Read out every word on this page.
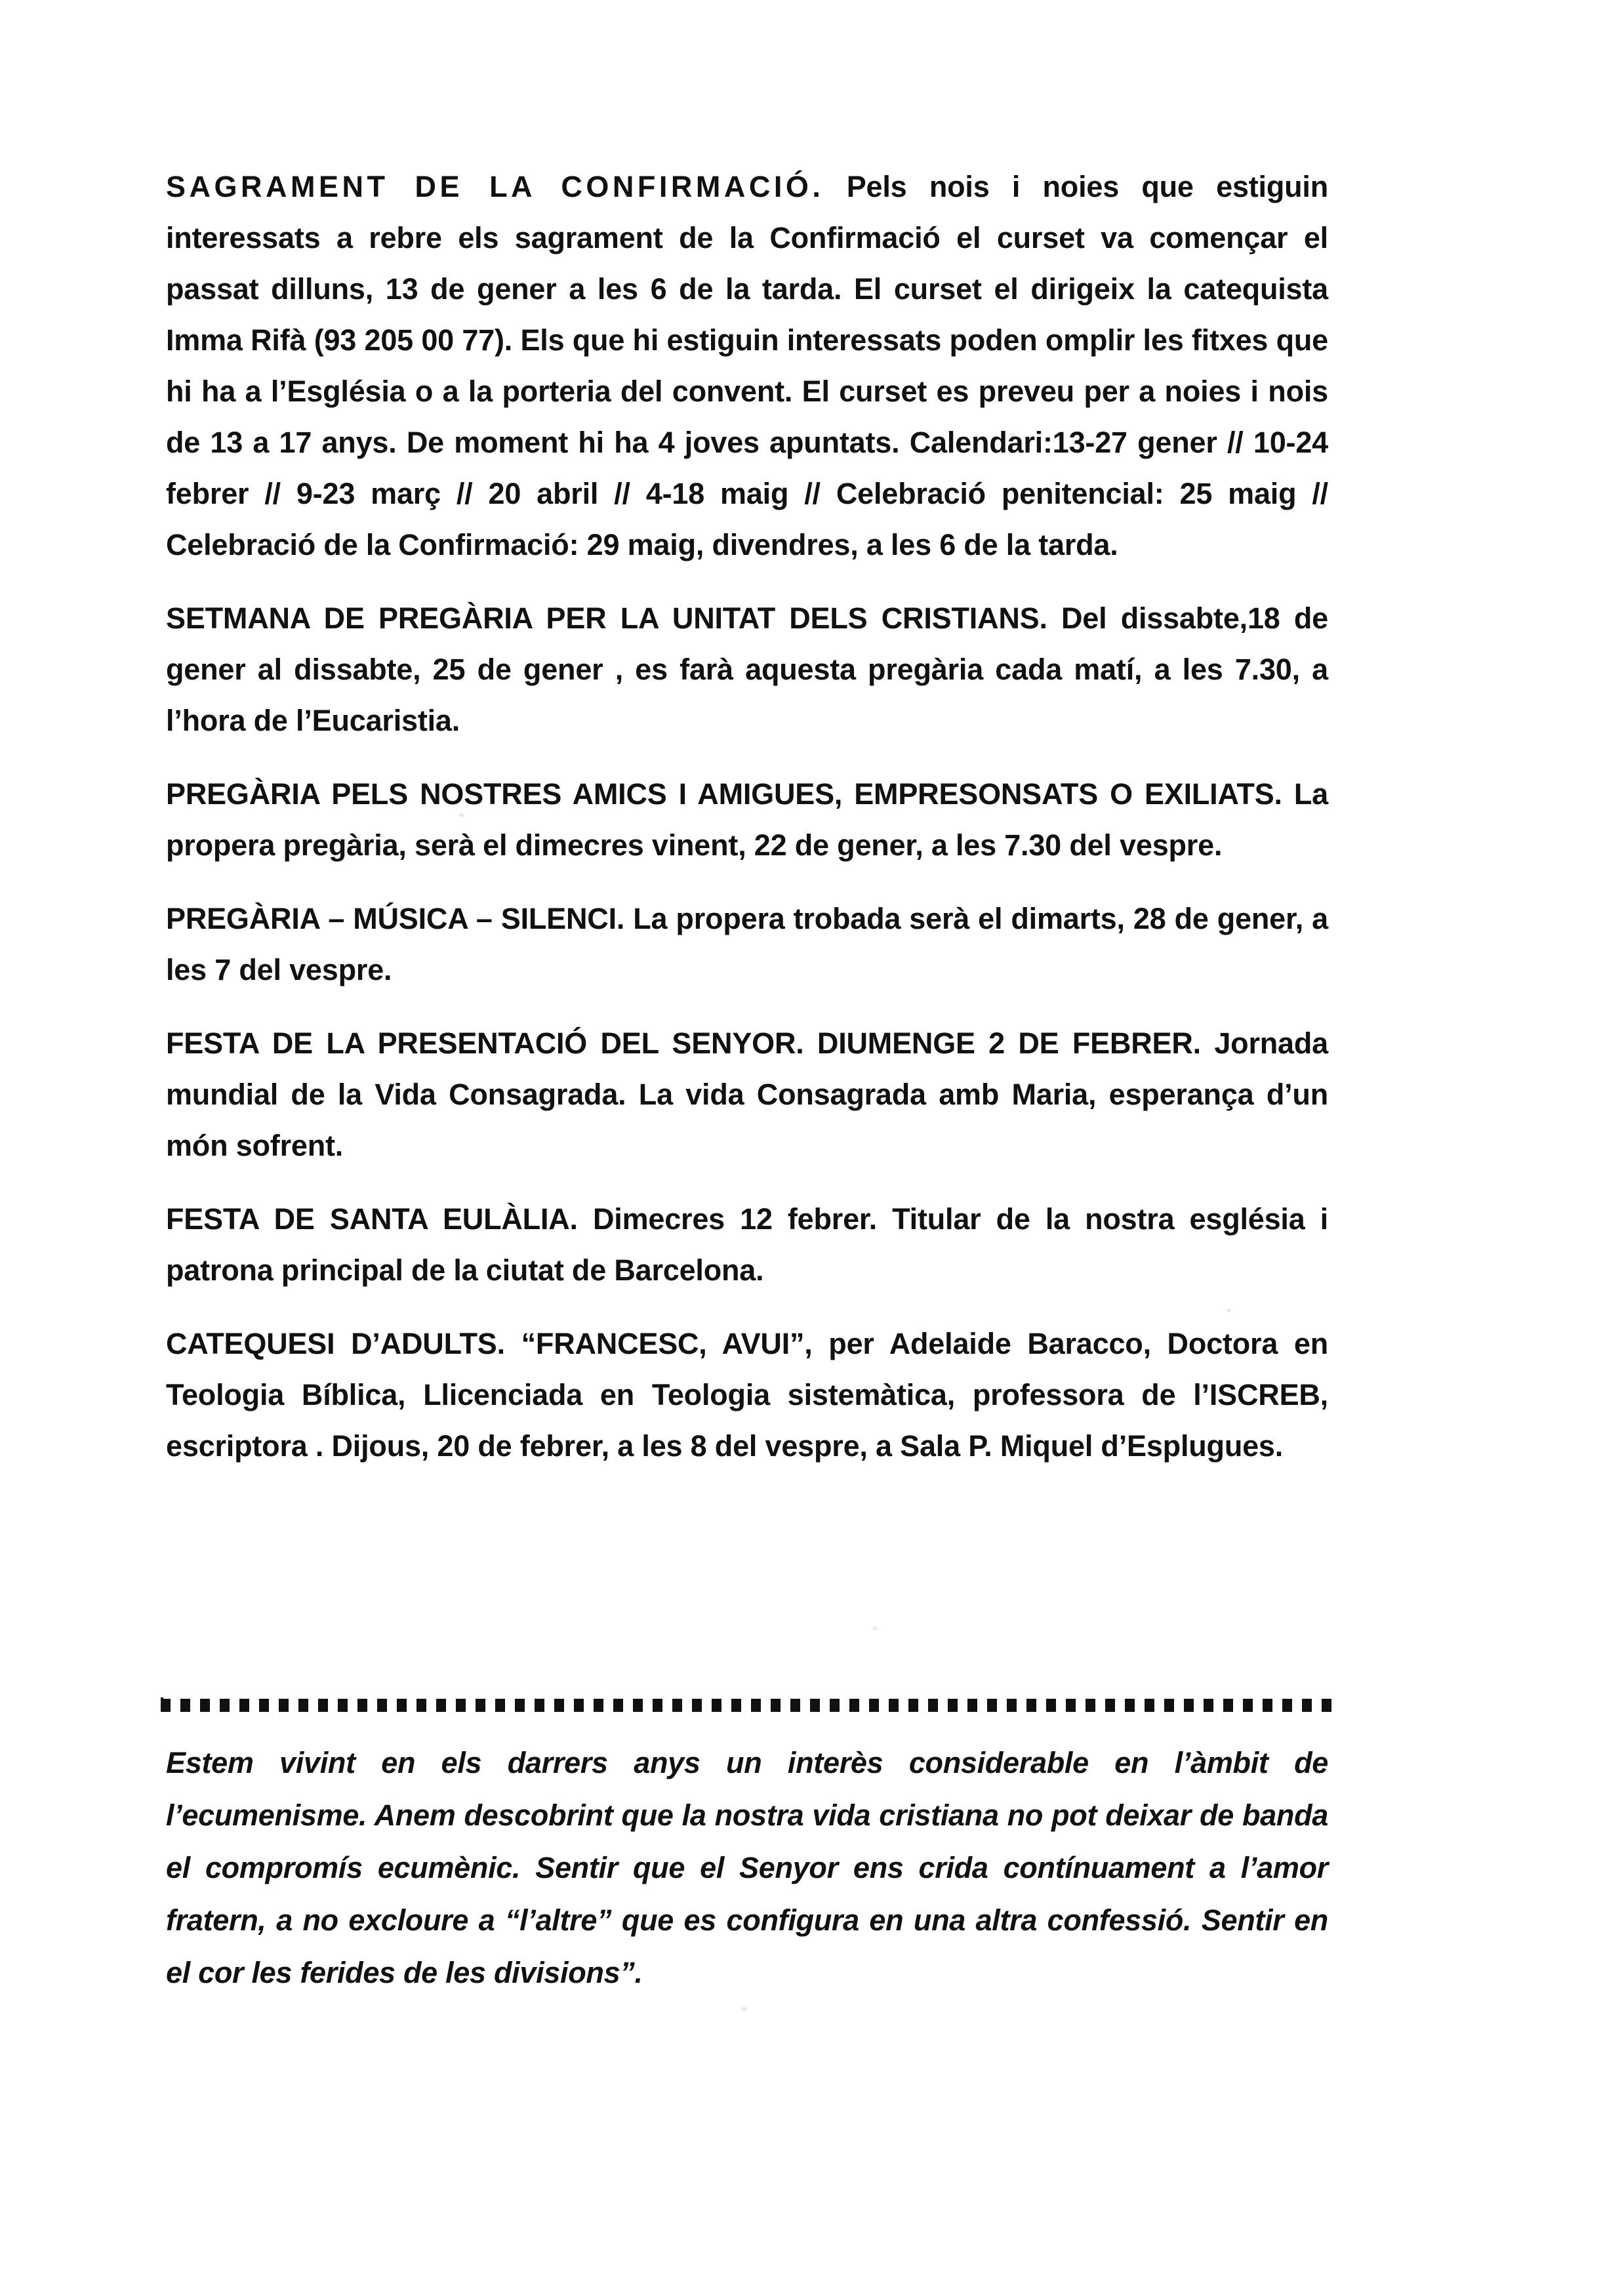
SAGRAMENT DE LA CONFIRMACIÓ. Pels nois i noies que estiguin interessats a rebre els sagrament de la Confirmació el curset va començar el passat dilluns, 13 de gener a les 6 de la tarda. El curset el dirigeix la catequista Imma Rifà (93 205 00 77). Els que hi estiguin interessats poden omplir les fitxes que hi ha a l’Església o a la porteria del convent. El curset es preveu per a noies i nois de 13 a 17 anys. De moment hi ha 4 joves apuntats. Calendari:13-27 gener // 10-24 febrer // 9-23 març // 20 abril // 4-18 maig // Celebració penitencial: 25 maig // Celebració de la Confirmació: 29 maig, divendres, a les 6 de la tarda.

SETMANA DE PREGÀRIA PER LA UNITAT DELS CRISTIANS. Del dissabte,18 de gener al dissabte, 25 de gener , es farà aquesta pregària cada matí, a les 7.30, a l’hora de l’Eucaristia.

PREGÀRIA PELS NOSTRES AMICS I AMIGUES, EMPRESONSATS O EXILIATS. La propera pregària, serà el dimecres vinent, 22 de gener, a les 7.30 del vespre.

PREGÀRIA – MÚSICA – SILENCI. La propera trobada serà el dimarts, 28 de gener, a les 7 del vespre.

FESTA DE LA PRESENTACIÓ DEL SENYOR. DIUMENGE 2 DE FEBRER. Jornada mundial de la Vida Consagrada. La vida Consagrada amb Maria, esperança d’un món sofrent.

FESTA DE SANTA EULÀLIA. Dimecres 12 febrer. Titular de la nostra església i patrona principal de la ciutat de Barcelona.

CATEQUESI D’ADULTS. “FRANCESC, AVUI”, per Adelaide Baracco, Doctora en Teologia Bíblica, Llicenciada en Teologia sistemàtica, professora de l’ISCREB, escriptora . Dijous, 20 de febrer, a les 8 del vespre, a Sala P. Miquel d’Esplugues.

Estem vivint en els darrers anys un interès considerable en l’àmbit de l’ecumenisme. Anem descobrint que la nostra vida cristiana no pot deixar de banda el compromís ecumènic. Sentir que el Senyor ens crida contínuament a l’amor fratern, a no excloure a “l’altre” que es configura en una altra confessió. Sentir en el cor les ferides de les divisions”.
